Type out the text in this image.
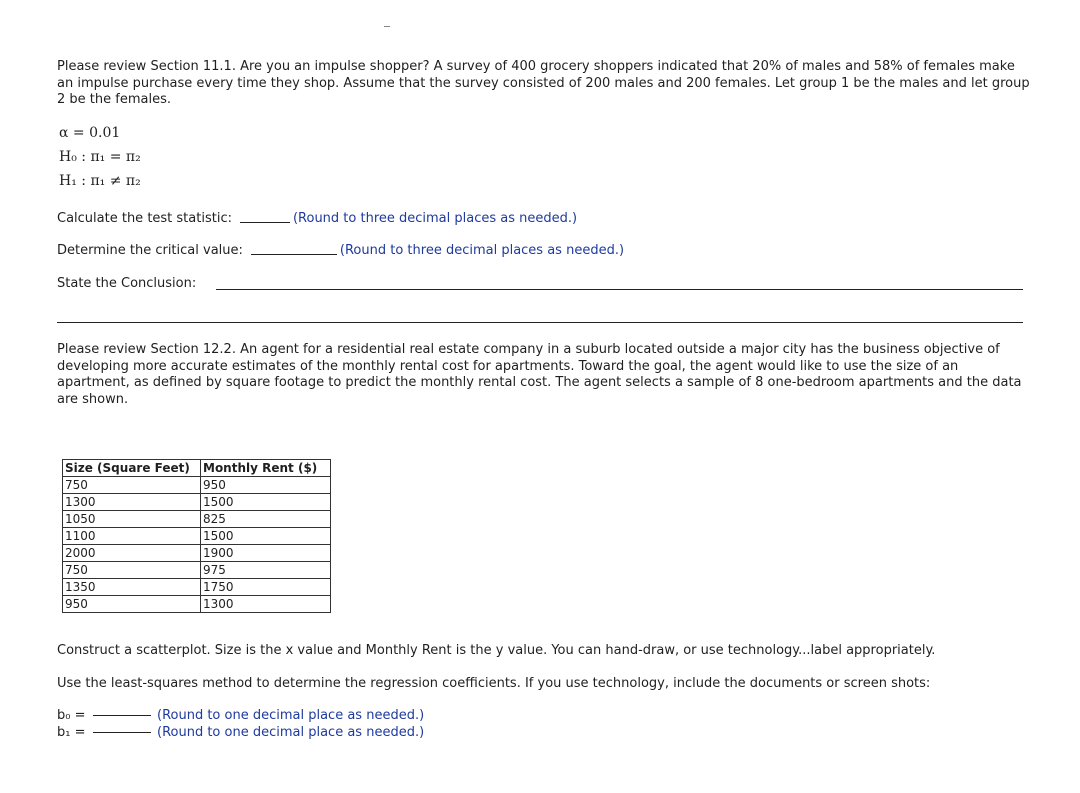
Please review Section 11.1. Are you an impulse shopper? A survey of 400 grocery shoppers indicated that 20% of males and 58% of females make an impulse purchase every time they shop. Assume that the survey consisted of 200 males and 200 females. Let group 1 be the males and let group 2 be the females.

α = 0.01
H₀ : π₁ = π₂
H₁ : π₁ ≠ π₂
Calculate the test statistic:	(Round to three decimal places as needed.)
Determine the critical value:	(Round to three decimal places as needed.)
State the Conclusion:

Please review Section 12.2. An agent for a residential real estate company in a suburb located outside a major city has the business objective of developing more accurate estimates of the monthly rental cost for apartments. Toward the goal, the agent would like to use the size of an apartment, as defined by square footage to predict the monthly rental cost. The agent selects a sample of 8 one-bedroom apartments and the data are shown.

Size (Square Feet)	Monthly Rent ($)
750	950
1300	1500
1050	825
1100	1500
2000	1900
750	975
1350	1750
950	1300

Construct a scatterplot. Size is the x value and Monthly Rent is the y value. You can hand-draw, or use technology...label appropriately.

Use the least-squares method to determine the regression coefficients. If you use technology, include the documents or screen shots:

b₀ =	(Round to one decimal place as needed.)
b₁ =	(Round to one decimal place as needed.)
